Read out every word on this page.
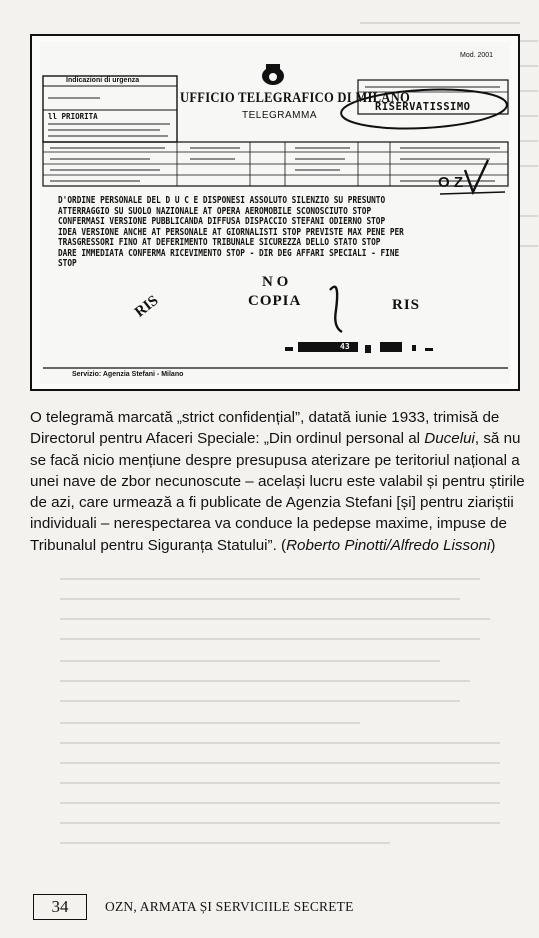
Mod. 2001
Indicazioni di urgenza
ll PRIORITA
UFFICIO TELEGRAFICO DI MILANO
TELEGRAMMA
RISERVATISSIMO
O Z
D'ORDINE PERSONALE DEL D U C E DISPONESI ASSOLUTO SILENZIO SU PRESUNTO
ATTERRAGGIO SU SUOLO NAZIONALE AT OPERA AEROMOBILE SCONOSCIUTO STOP
CONFERMASI VERSIONE PUBBLICANDA DIFFUSA DISPACCIO STEFANI ODIERNO STOP
IDEA VERSIONE ANCHE AT PERSONALE AT GIORNALISTI STOP PREVISTE MAX PENE PER
TRASGRESSORI FINO AT DEFERIMENTO TRIBUNALE SICUREZZA DELLO STATO STOP
DARE IMMEDIATA CONFERMA RICEVIMENTO STOP - DIR DEG AFFARI SPECIALI - FINE
STOP
N O
COPIA
RIS	RIS
43
Servizio: Agenzia Stefani - Milano
O telegramă marcată „strict confidențial”, datată iunie 1933, trimisă de
Directorul pentru Afaceri Speciale: „Din ordinul personal al Ducelui, să nu
se facă nicio mențiune despre presupusa aterizare pe teritoriul național a
unei nave de zbor necunoscute – același lucru este valabil și pentru știrile
de azi, care urmează a fi publicate de Agenzia Stefani [și] pentru ziariștii
individuali – nerespectarea va conduce la pedepse maxime, impuse de
Tribunalul pentru Siguranța Statului”. (Roberto Pinotti/Alfredo Lissoni)
34	OZN, ARMATA ȘI SERVICIILE SECRETE
